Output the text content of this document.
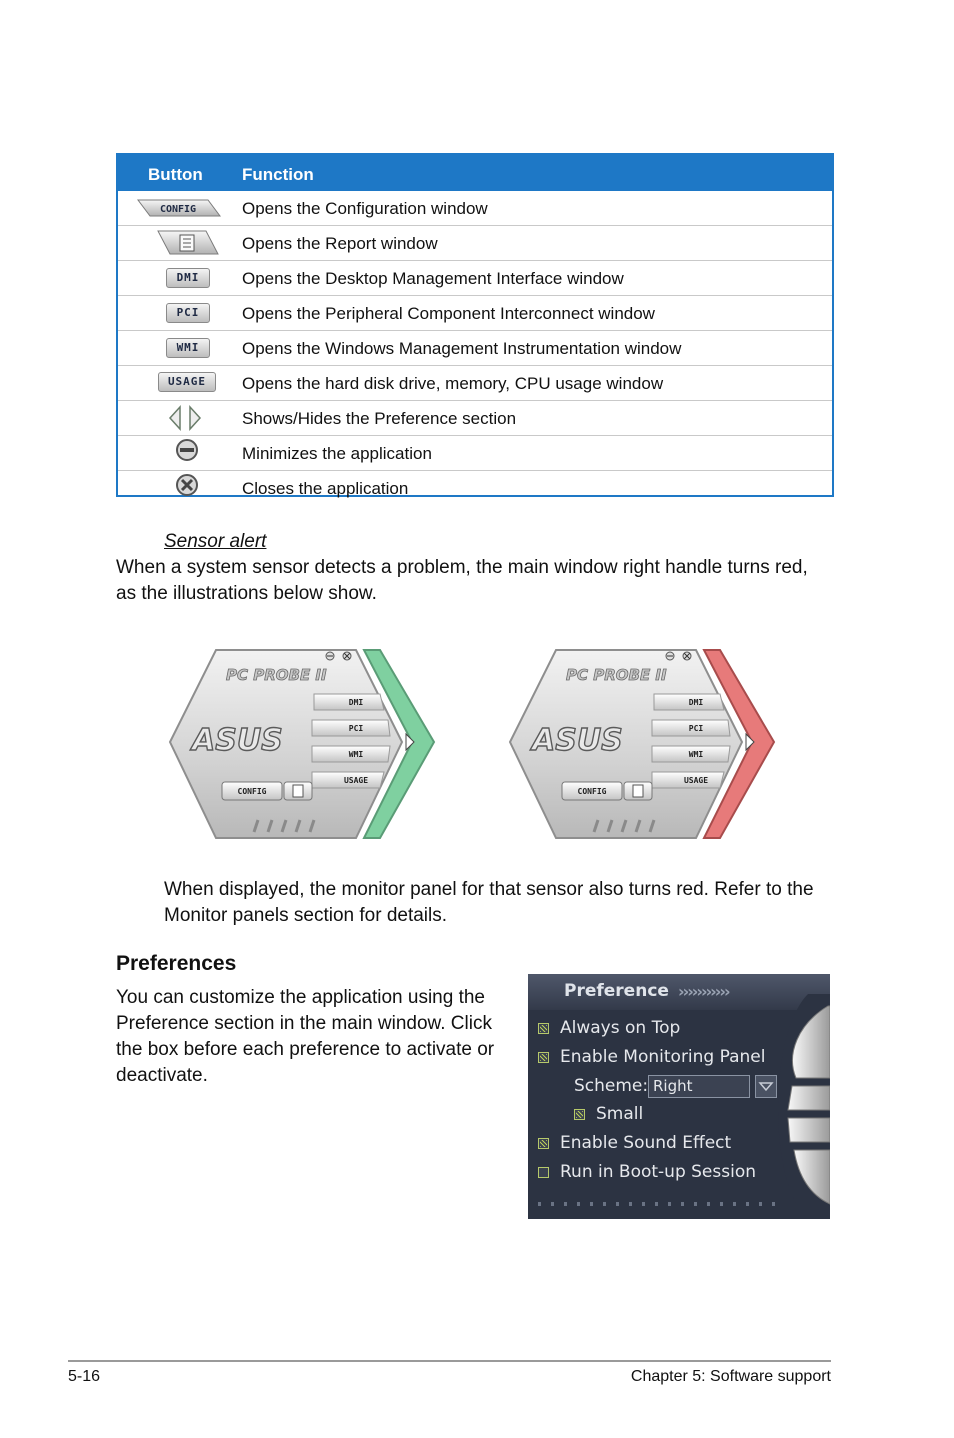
Button Function
CONFIG	Opens the Configuration window
Opens the Report window
DMI	Opens the Desktop Management Interface window
PCI	Opens the Peripheral Component Interconnect window
WMI	Opens the Windows Management Instrumentation window
USAGE	Opens the hard disk drive, memory, CPU usage window
Shows/Hides the Preference section
Minimizes the application
Closes the application
Sensor alert
When a system sensor detects a problem, the main window right handle turns red,
as the illustrations below show.
PC PROBE II
ASUS
DMI
PCI
WMI
USAGE
CONFIG
PC PROBE II
ASUS
DMI
PCI
WMI
USAGE
CONFIG
When displayed, the monitor panel for that sensor also turns red. Refer to the
Monitor panels section for details.
Preferences
You can customize the application using the
Preference section in the main window. Click
the box before each preference to activate or
deactivate.
Preference ›››››››››››
Always on Top
Enable Monitoring Panel
Scheme: Right
Small
Enable Sound Effect
Run in Boot-up Session
5-16	Chapter 5: Software support
